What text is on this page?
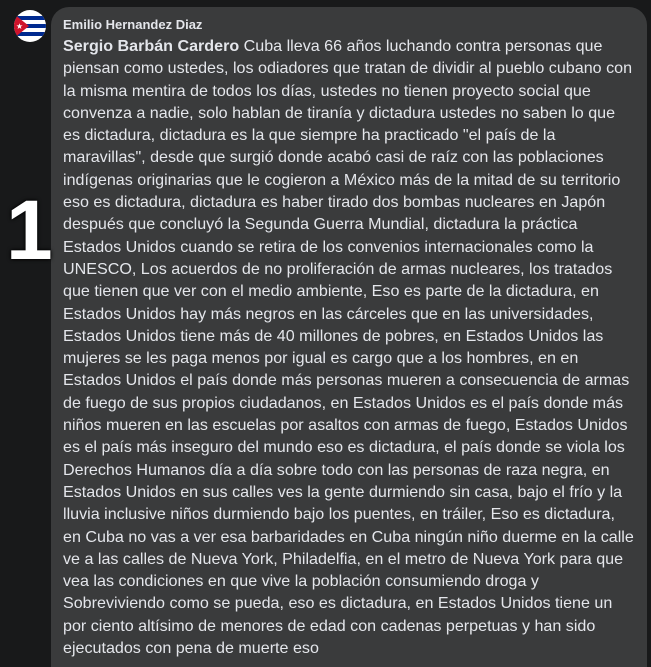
Emilio Hernandez Diaz

Sergio Barbán Cardero Cuba lleva 66 años luchando contra personas que piensan como ustedes, los odiadores que tratan de dividir al pueblo cubano con la misma mentira de todos los días, ustedes no tienen proyecto social que convenza a nadie, solo hablan de tiranía y dictadura ustedes no saben lo que es dictadura, dictadura es la que siempre ha practicado "el país de la maravillas", desde que surgió donde acabó casi de raíz con las poblaciones indígenas originarias que le cogieron a México más de la mitad de su territorio eso es dictadura, dictadura es haber tirado dos bombas nucleares en Japón después que concluyó la Segunda Guerra Mundial, dictadura la práctica Estados Unidos cuando se retira de los convenios internacionales como la UNESCO, Los acuerdos de no proliferación de armas nucleares, los tratados que tienen que ver con el medio ambiente, Eso es parte de la dictadura, en Estados Unidos hay más negros en las cárceles que en las universidades, Estados Unidos tiene más de 40 millones de pobres, en Estados Unidos las mujeres se les paga menos por igual es cargo que a los hombres, en en Estados Unidos el país donde más personas mueren a consecuencia de armas de fuego de sus propios ciudadanos, en Estados Unidos es el país donde más niños mueren en las escuelas por asaltos con armas de fuego, Estados Unidos es el país más inseguro del mundo eso es dictadura, el país donde se viola los Derechos Humanos día a día sobre todo con las personas de raza negra, en Estados Unidos en sus calles ves la gente durmiendo sin casa, bajo el frío y la lluvia inclusive niños durmiendo bajo los puentes, en tráiler, Eso es dictadura, en Cuba no vas a ver esa barbaridades en Cuba ningún niño duerme en la calle ve a las calles de Nueva York, Philadelfia, en el metro de Nueva York para que vea las condiciones en que vive la población consumiendo droga y Sobreviviendo como se pueda, eso es dictadura, en Estados Unidos tiene un por ciento altísimo de menores de edad con cadenas perpetuas y han sido ejecutados con pena de muerte eso

1
